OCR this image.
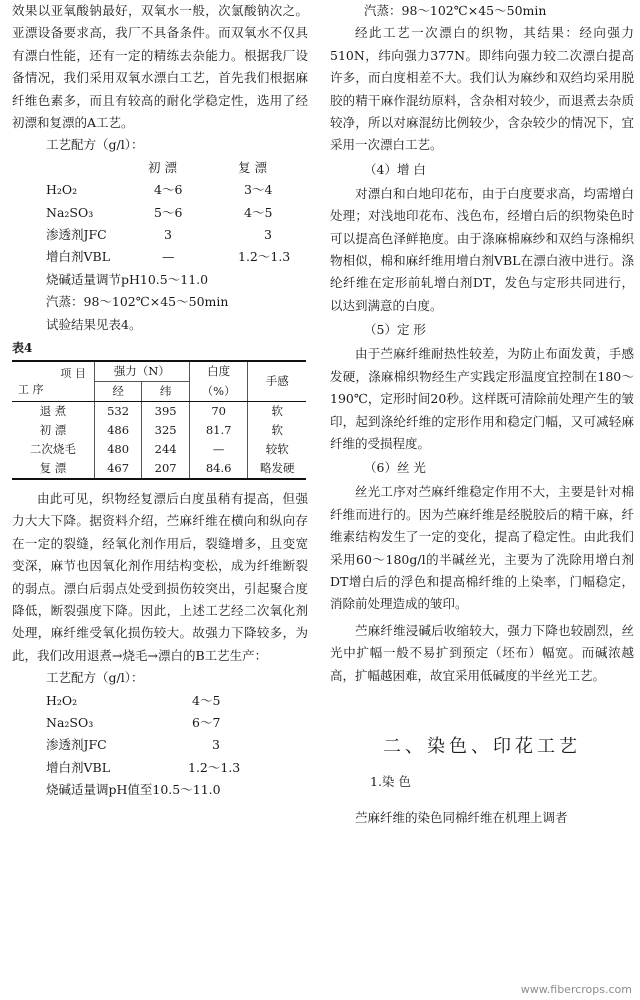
效果以亚氧酸钠最好，双氧水一般，次氯酸钠次之。亚漂设备要求高，我厂不具备条件。而双氧水不仅具有漂白性能，还有一定的精练去杂能力。根据我厂设备情况，我们采用双氧水漂白工艺，首先我们根据麻纤维色素多，而且有较高的耐化学稳定性，选用了经初漂和复漂的A工艺。

工艺配方（g/l）：
初 漂	复 漂
H₂O₂	4～6	3～4
Na₂SO₃	5～6	4～5
渗透剂JFC	3	3
增白剂VBL	—	1.2～1.3
烧碱适量调节pH10.5～11.0
汽蒸：98～102℃×45～50min
试验结果见表4。
表4
项 目
工 序	强力（N）		白度	手感
	经	纬	（%）	
退 煮	532	395	70	软
初 漂	486	325	81.7	软
二次烧毛	480	244	—	较软
复 漂	467	207	84.6	略发硬

由此可见，织物经复漂后白度虽稍有提高，但强力大大下降。据资料介绍，苎麻纤维在横向和纵向存在一定的裂缝，经氧化剂作用后，裂缝增多，且变宽变深，麻节也因氧化剂作用结构变松，成为纤维断裂的弱点。漂白后弱点处受到损伤较突出，引起聚合度降低，断裂强度下降。因此，上述工艺经二次氧化剂处理，麻纤维受氧化损伤较大。故强力下降较多，为此，我们改用退煮→烧毛→漂白的B工艺生产：

工艺配方（g/l）：
H₂O₂	4～5
Na₂SO₃	6～7
渗透剂JFC	3
增白剂VBL	1.2～1.3
烧碱适量调pH值至10.5～11.0
汽蒸：98～102℃×45～50min

经此工艺一次漂白的织物，其结果：经向强力510N，纬向强力377N。即纬向强力较二次漂白提高许多，而白度相差不大。我们认为麻纱和双绉均采用脱胶的精干麻作混纺原料，含杂相对较少，而退煮去杂质较净，所以对麻混纺比例较少，含杂较少的情况下，宜采用一次漂白工艺。

（4）增 白

对漂白和白地印花布，由于白度要求高，均需增白处理；对浅地印花布、浅色布，经增白后的织物染色时可以提高色泽鲜艳度。由于涤麻棉麻纱和双绉与涤棉织物相似，棉和麻纤维用增白剂VBL在漂白液中进行。涤纶纤维在定形前轧增白剂DT，发色与定形共同进行，以达到满意的白度。

（5）定 形

由于苎麻纤维耐热性较差，为防止布面发黄，手感发硬，涤麻棉织物经生产实践定形温度宜控制在180～190℃，定形时间20秒。这样既可清除前处理产生的皱印，起到涤纶纤维的定形作用和稳定门幅，又可减轻麻纤维的受损程度。

（6）丝 光

丝光工序对苎麻纤维稳定作用不大，主要是针对棉纤维而进行的。因为苎麻纤维是经脱胶后的精干麻，纤维素结构发生了一定的变化，提高了稳定性。由此我们采用60～180g/l的半碱丝光，主要为了洗除用增白剂DT增白后的浮色和提高棉纤维的上染率，门幅稳定，消除前处理造成的皱印。

苎麻纤维浸碱后收缩较大，强力下降也较剧烈，丝光中扩幅一般不易扩到预定（坯布）幅宽。而碱浓越高，扩幅越困难，故宜采用低碱度的半丝光工艺。

二、染色、印花工艺
1.染 色

苎麻纤维的染色同棉纤维在机理上调者

www.fibercrops.com
